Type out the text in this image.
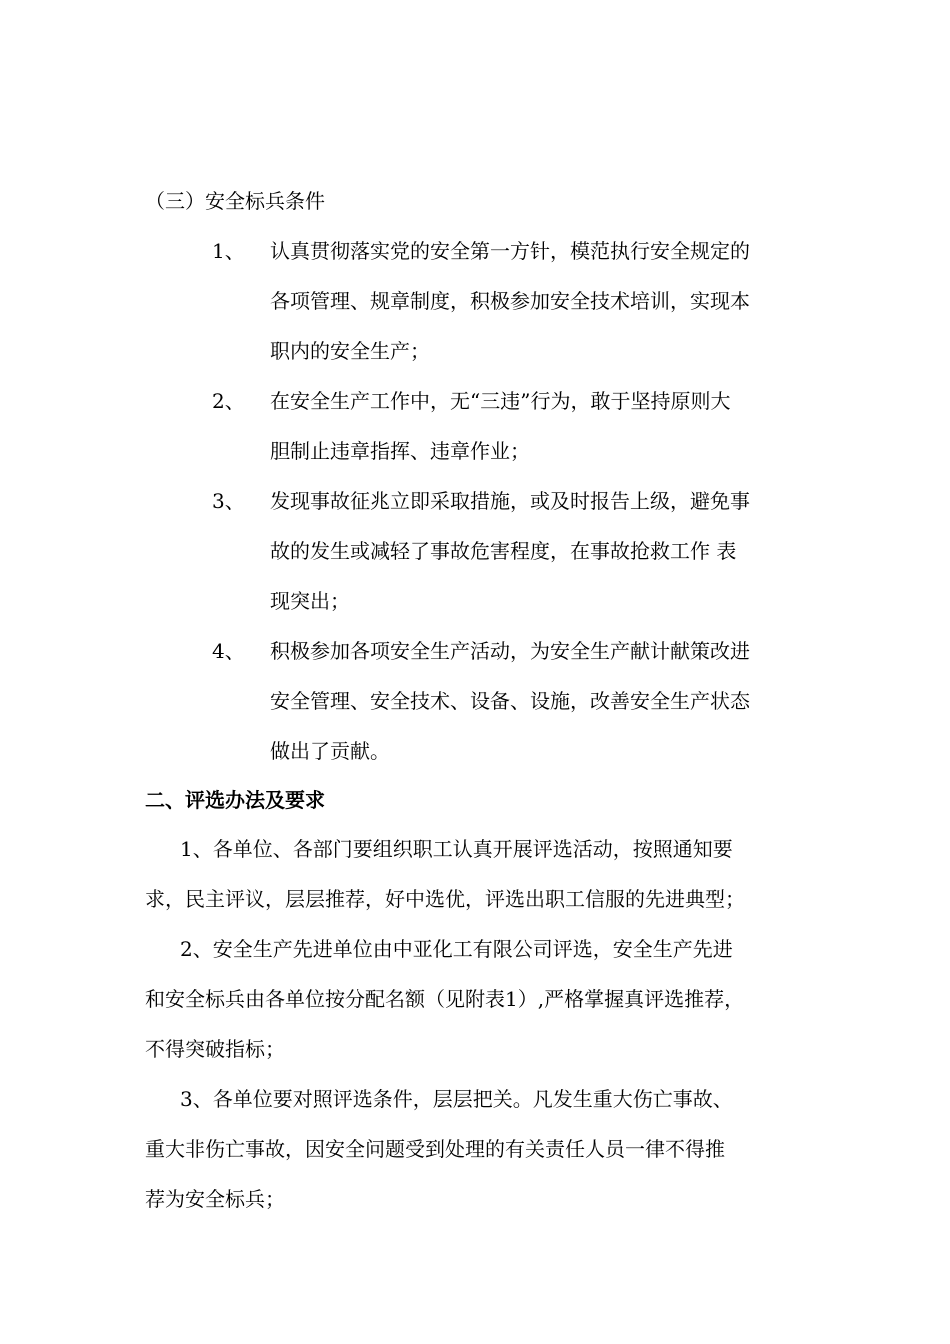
（三）安全标兵条件
1、 认真贯彻落实党的安全第一方针，模范执行安全规定的
各项管理、规章制度，积极参加安全技术培训，实现本
职内的安全生产；
2、 在安全生产工作中，无“三违”行为，敢于坚持原则大
胆制止违章指挥、违章作业；
3、 发现事故征兆立即采取措施，或及时报告上级，避免事
故的发生或减轻了事故危害程度，在事故抢救工作 表
现突出；
4、 积极参加各项安全生产活动，为安全生产献计献策改进
安全管理、安全技术、设备、设施，改善安全生产状态
做出了贡献。
二、评选办法及要求
1、各单位、各部门要组织职工认真开展评选活动，按照通知要
求，民主评议，层层推荐，好中选优，评选出职工信服的先进典型；
2、安全生产先进单位由中亚化工有限公司评选，安全生产先进
和安全标兵由各单位按分配名额（见附表1）,严格掌握真评选推荐，
不得突破指标；
3、各单位要对照评选条件，层层把关。凡发生重大伤亡事故、
重大非伤亡事故，因安全问题受到处理的有关责任人员一律不得推
荐为安全标兵；
